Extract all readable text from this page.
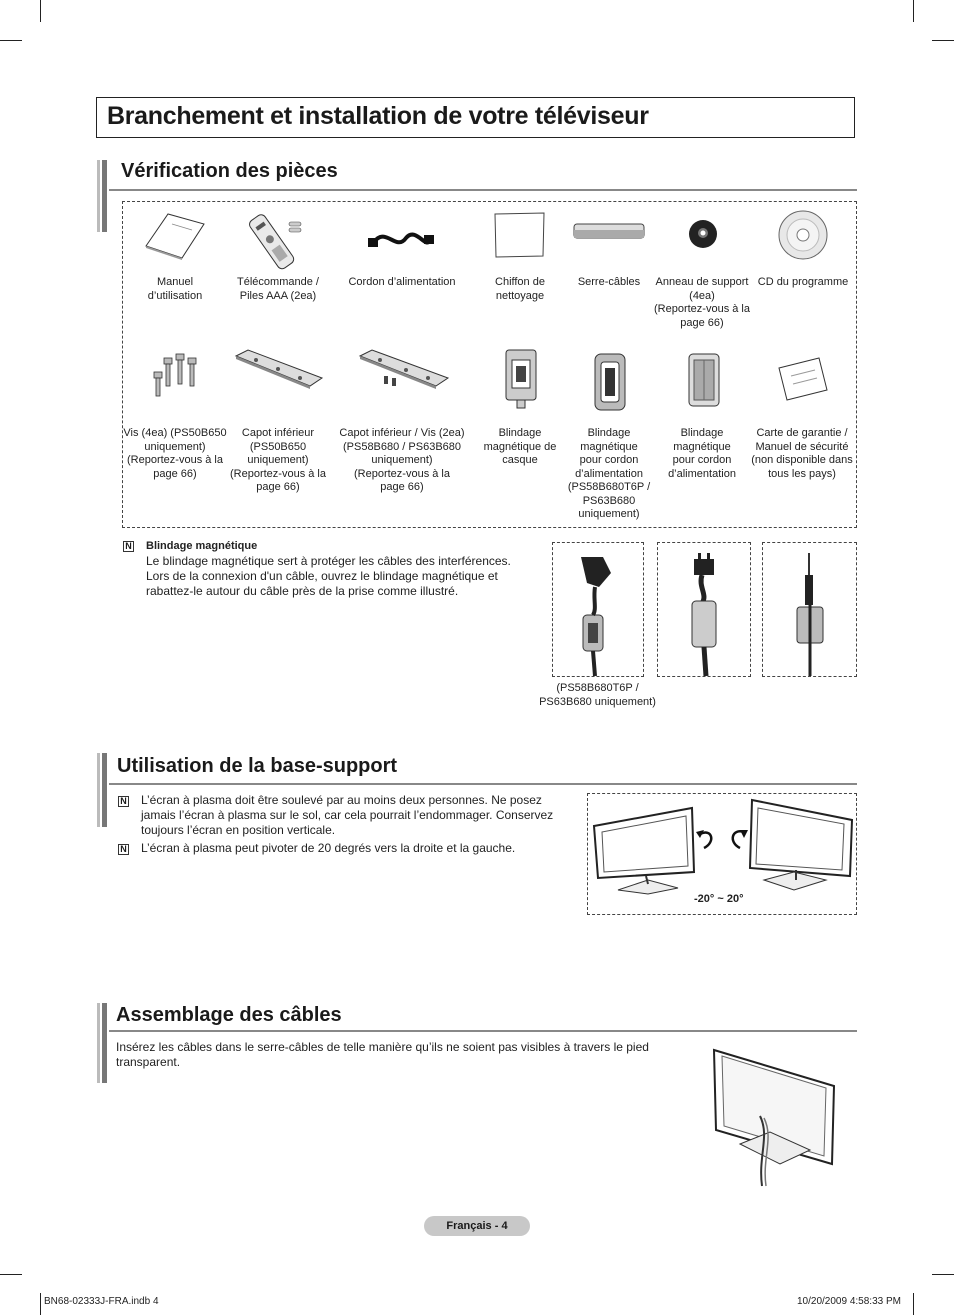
Branchement et installation de votre téléviseur
Vérification des pièces
Manuel
d’utilisation
Télécommande /
Piles AAA (2ea)
Cordon d’alimentation	Chiffon de
nettoyage
Serre-câbles	Anneau de support
(4ea)
(Reportez-vous à la
page 66)
CD du programme
Vis (4ea) (PS50B650
uniquement)
(Reportez-vous à la
page 66)
Capot inférieur
(PS50B650
uniquement)
(Reportez-vous à la
page 66)
Capot inférieur / Vis (2ea)
(PS58B680 / PS63B680
uniquement)
(Reportez-vous à la
page 66)
Blindage
magnétique de
casque
Blindage
magnétique
pour cordon
d’alimentation
(PS58B680T6P /
PS63B680
uniquement)
Blindage
magnétique
pour cordon
d’alimentation
Carte de garantie /
Manuel de sécurité
(non disponible dans
tous les pays)
N Blindage magnétique
Le blindage magnétique sert à protéger les câbles des interférences.
Lors de la connexion d'un câble, ouvrez le blindage magnétique et
rabattez-le autour du câble près de la prise comme illustré.
(PS58B680T6P /
PS63B680 uniquement)
Utilisation de la base-support
N L’écran à plasma doit être soulevé par au moins deux personnes. Ne posez
jamais l’écran à plasma sur le sol, car cela pourrait l’endommager. Conservez
toujours l’écran en position verticale.
N L’écran à plasma peut pivoter de 20 degrés vers la droite et la gauche.
-20° ~ 20°
Assemblage des câbles
Insérez les câbles dans le serre-câbles de telle manière qu’ils ne soient pas visibles à travers le pied
transparent.
Français - 4
BN68-02333J-FRA.indb 4	10/20/2009 4:58:33 PM
